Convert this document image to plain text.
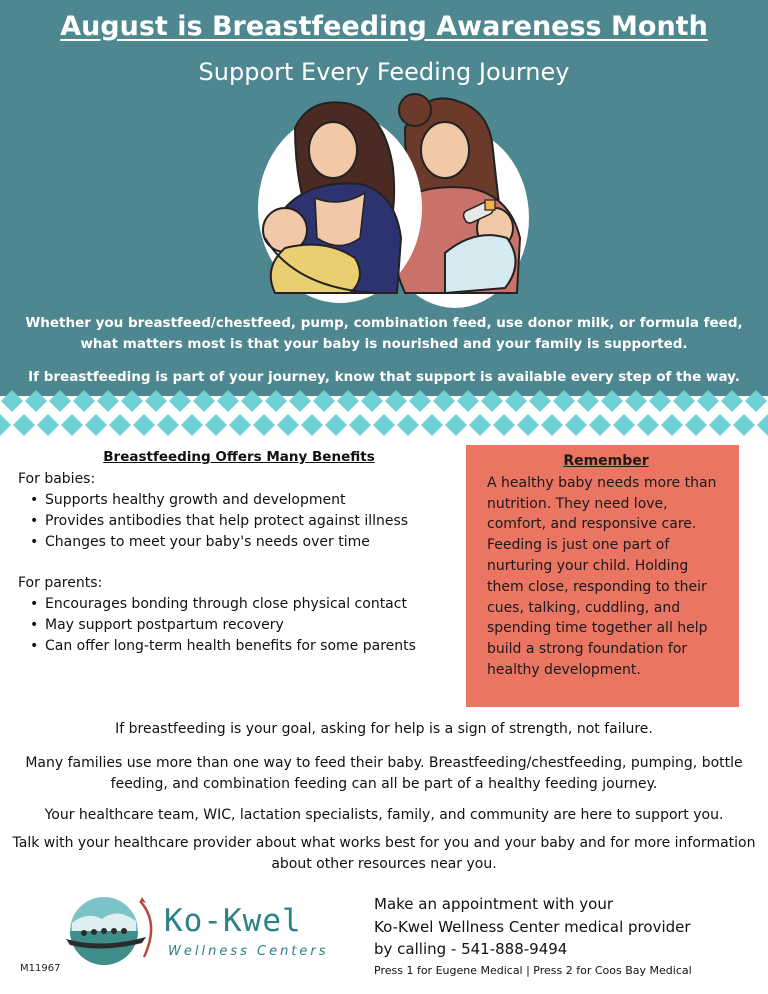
August is Breastfeeding Awareness Month
Support Every Feeding Journey

Whether you breastfeed/chestfeed, pump, combination feed, use donor milk, or formula feed, what matters most is that your baby is nourished and your family is supported.

If breastfeeding is part of your journey, know that support is available every step of the way.

Breastfeeding Offers Many Benefits
For babies:
• Supports healthy growth and development
• Provides antibodies that help protect against illness
• Changes to meet your baby's needs over time
For parents:
• Encourages bonding through close physical contact
• May support postpartum recovery
• Can offer long-term health benefits for some parents
Remember
A healthy baby needs more than nutrition. They need love, comfort, and responsive care. Feeding is just one part of nurturing your child. Holding them close, responding to their cues, talking, cuddling, and spending time together all help build a strong foundation for healthy development.
If breastfeeding is your goal, asking for help is a sign of strength, not failure.
Many families use more than one way to feed their baby. Breastfeeding/chestfeeding, pumping, bottle feeding, and combination feeding can all be part of a healthy feeding journey.
Your healthcare team, WIC, lactation specialists, family, and community are here to support you.
Talk with your healthcare provider about what works best for you and your baby and for more information about other resources near you.
Ko-Kwel
Wellness Centers
M11967
Make an appointment with your
Ko-Kwel Wellness Center medical provider
by calling - 541-888-9494
Press 1 for Eugene Medical | Press 2 for Coos Bay Medical
